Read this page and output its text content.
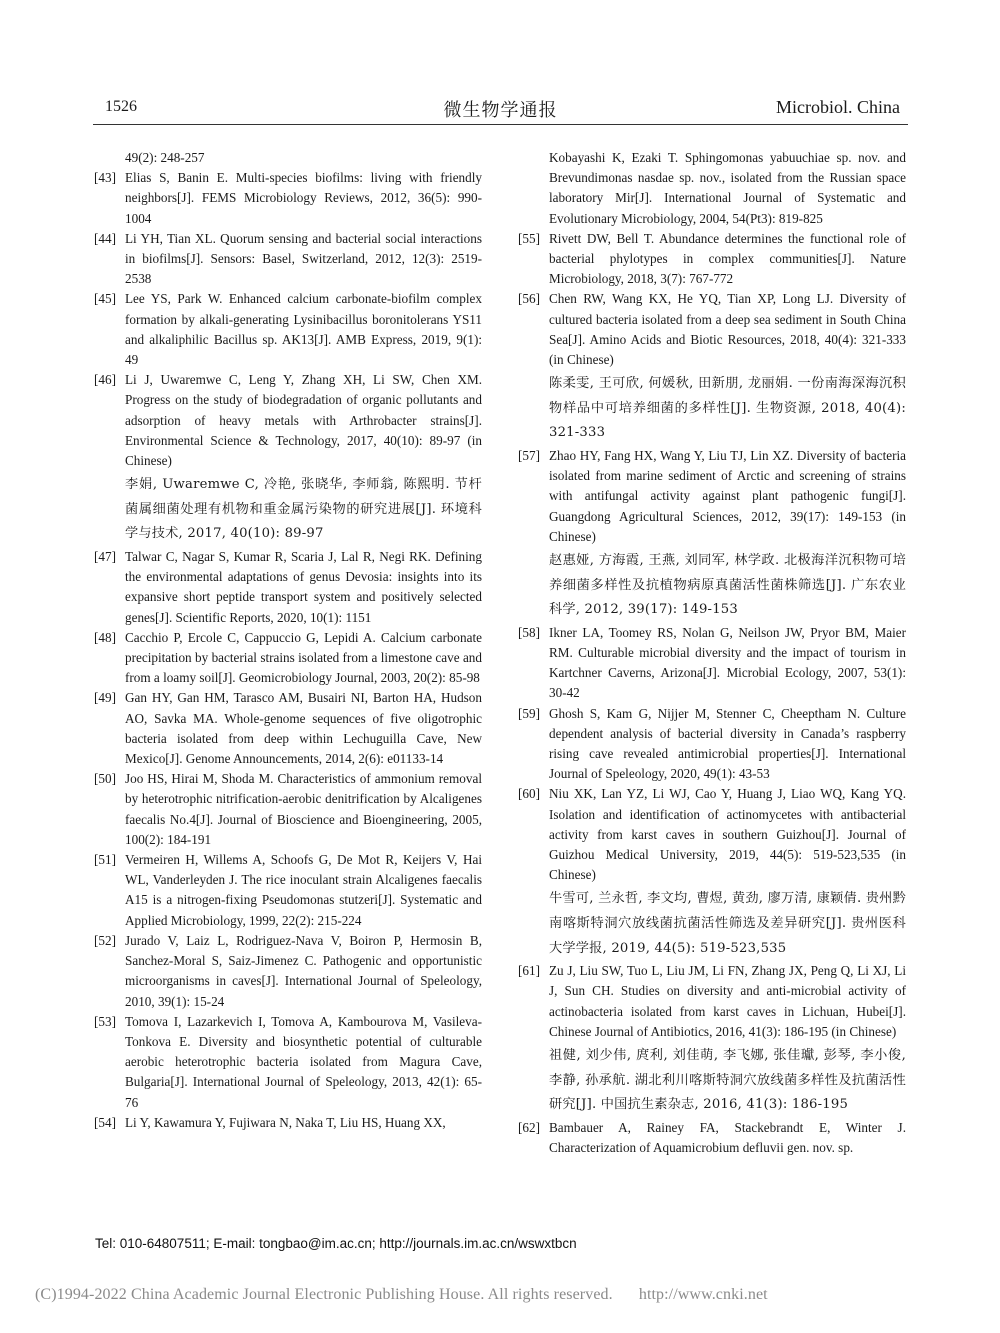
1526	微生物学通报	Microbiol. China
49(2): 248-257
[43] Elias S, Banin E. Multi-species biofilms: living with friendly neighbors[J]. FEMS Microbiology Reviews, 2012, 36(5): 990-1004
[44] Li YH, Tian XL. Quorum sensing and bacterial social interactions in biofilms[J]. Sensors: Basel, Switzerland, 2012, 12(3): 2519-2538
[45] Lee YS, Park W. Enhanced calcium carbonate-biofilm complex formation by alkali-generating Lysinibacillus boronitolerans YS11 and alkaliphilic Bacillus sp. AK13[J]. AMB Express, 2019, 9(1): 49
[46] Li J, Uwaremwe C, Leng Y, Zhang XH, Li SW, Chen XM. Progress on the study of biodegradation of organic pollutants and adsorption of heavy metals with Arthrobacter strains[J]. Environmental Science & Technology, 2017, 40(10): 89-97 (in Chinese)
李娟, Uwaremwe C, 冷艳, 张晓华, 李师翁, 陈熙明. 节杆菌属细菌处理有机物和重金属污染物的研究进展[J]. 环境科学与技术, 2017, 40(10): 89-97
[47] Talwar C, Nagar S, Kumar R, Scaria J, Lal R, Negi RK. Defining the environmental adaptations of genus Devosia: insights into its expansive short peptide transport system and positively selected genes[J]. Scientific Reports, 2020, 10(1): 1151
[48] Cacchio P, Ercole C, Cappuccio G, Lepidi A. Calcium carbonate precipitation by bacterial strains isolated from a limestone cave and from a loamy soil[J]. Geomicrobiology Journal, 2003, 20(2): 85-98
[49] Gan HY, Gan HM, Tarasco AM, Busairi NI, Barton HA, Hudson AO, Savka MA. Whole-genome sequences of five oligotrophic bacteria isolated from deep within Lechuguilla Cave, New Mexico[J]. Genome Announcements, 2014, 2(6): e01133-14
[50] Joo HS, Hirai M, Shoda M. Characteristics of ammonium removal by heterotrophic nitrification-aerobic denitrification by Alcaligenes faecalis No.4[J]. Journal of Bioscience and Bioengineering, 2005, 100(2): 184-191
[51] Vermeiren H, Willems A, Schoofs G, De Mot R, Keijers V, Hai WL, Vanderleyden J. The rice inoculant strain Alcaligenes faecalis A15 is a nitrogen-fixing Pseudomonas stutzeri[J]. Systematic and Applied Microbiology, 1999, 22(2): 215-224
[52] Jurado V, Laiz L, Rodriguez-Nava V, Boiron P, Hermosin B, Sanchez-Moral S, Saiz-Jimenez C. Pathogenic and opportunistic microorganisms in caves[J]. International Journal of Speleology, 2010, 39(1): 15-24
[53] Tomova I, Lazarkevich I, Tomova A, Kambourova M, Vasileva-Tonkova E. Diversity and biosynthetic potential of culturable aerobic heterotrophic bacteria isolated from Magura Cave, Bulgaria[J]. International Journal of Speleology, 2013, 42(1): 65-76
[54] Li Y, Kawamura Y, Fujiwara N, Naka T, Liu HS, Huang XX,
Kobayashi K, Ezaki T. Sphingomonas yabuuchiae sp. nov. and Brevundimonas nasdae sp. nov., isolated from the Russian space laboratory Mir[J]. International Journal of Systematic and Evolutionary Microbiology, 2004, 54(Pt3): 819-825
[55] Rivett DW, Bell T. Abundance determines the functional role of bacterial phylotypes in complex communities[J]. Nature Microbiology, 2018, 3(7): 767-772
[56] Chen RW, Wang KX, He YQ, Tian XP, Long LJ. Diversity of cultured bacteria isolated from a deep sea sediment in South China Sea[J]. Amino Acids and Biotic Resources, 2018, 40(4): 321-333 (in Chinese)
陈柔雯, 王可欣, 何媛秋, 田新朋, 龙丽娟. 一份南海深海沉积物样品中可培养细菌的多样性[J]. 生物资源, 2018, 40(4): 321-333
[57] Zhao HY, Fang HX, Wang Y, Liu TJ, Lin XZ. Diversity of bacteria isolated from marine sediment of Arctic and screening of strains with antifungal activity against plant pathogenic fungi[J]. Guangdong Agricultural Sciences, 2012, 39(17): 149-153 (in Chinese)
赵惠娅, 方海霞, 王燕, 刘同军, 林学政. 北极海洋沉积物可培养细菌多样性及抗植物病原真菌活性菌株筛选[J]. 广东农业科学, 2012, 39(17): 149-153
[58] Ikner LA, Toomey RS, Nolan G, Neilson JW, Pryor BM, Maier RM. Culturable microbial diversity and the impact of tourism in Kartchner Caverns, Arizona[J]. Microbial Ecology, 2007, 53(1): 30-42
[59] Ghosh S, Kam G, Nijjer M, Stenner C, Cheeptham N. Culture dependent analysis of bacterial diversity in Canada’s raspberry rising cave revealed antimicrobial properties[J]. International Journal of Speleology, 2020, 49(1): 43-53
[60] Niu XK, Lan YZ, Li WJ, Cao Y, Huang J, Liao WQ, Kang YQ. Isolation and identification of actinomycetes with antibacterial activity from karst caves in southern Guizhou[J]. Journal of Guizhou Medical University, 2019, 44(5): 519-523,535 (in Chinese)
牛雪可, 兰永哲, 李文均, 曹煜, 黄劲, 廖万清, 康颖倩. 贵州黔南喀斯特洞穴放线菌抗菌活性筛选及差异研究[J]. 贵州医科大学学报, 2019, 44(5): 519-523,535
[61] Zu J, Liu SW, Tuo L, Liu JM, Li FN, Zhang JX, Peng Q, Li XJ, Li J, Sun CH. Studies on diversity and anti-microbial activity of actinobacteria isolated from karst caves in Lichuan, Hubei[J]. Chinese Journal of Antibiotics, 2016, 41(3): 186-195 (in Chinese)
祖健, 刘少伟, 庹利, 刘佳萌, 李飞娜, 张佳瓛, 彭琴, 李小俊, 李静, 孙承航. 湖北利川喀斯特洞穴放线菌多样性及抗菌活性研究[J]. 中国抗生素杂志, 2016, 41(3): 186-195
[62] Bambauer A, Rainey FA, Stackebrandt E, Winter J. Characterization of Aquamicrobium defluvii gen. nov. sp.
Tel: 010-64807511; E-mail: tongbao@im.ac.cn; http://journals.im.ac.cn/wswxtbcn
(C)1994-2022 China Academic Journal Electronic Publishing House. All rights reserved. http://www.cnki.net
